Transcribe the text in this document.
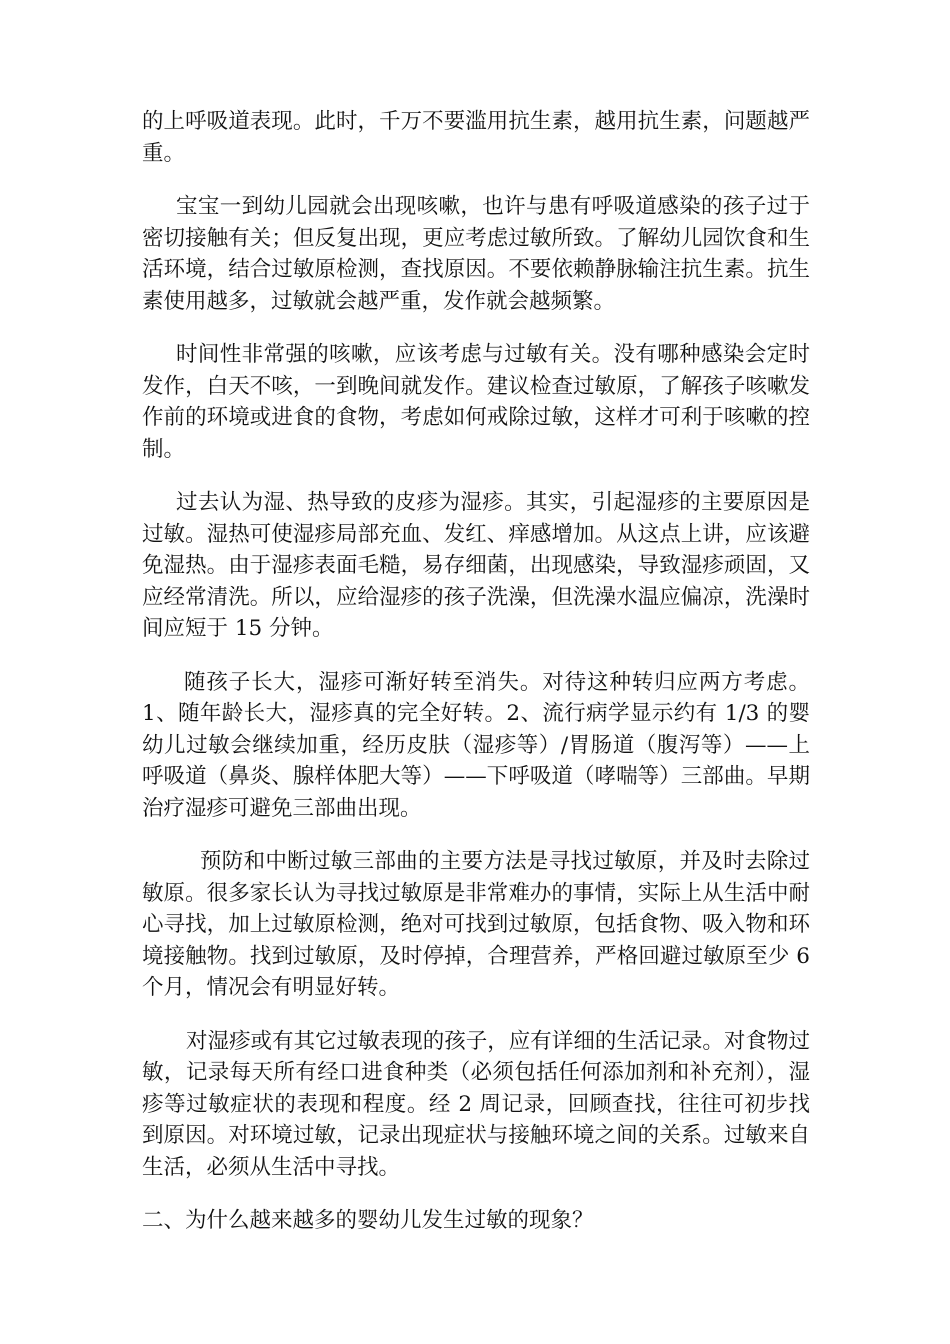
的上呼吸道表现。此时，千万不要滥用抗生素，越用抗生素，问题越严重。

宝宝一到幼儿园就会出现咳嗽，也许与患有呼吸道感染的孩子过于密切接触有关；但反复出现，更应考虑过敏所致。了解幼儿园饮食和生活环境，结合过敏原检测，查找原因。不要依赖静脉输注抗生素。抗生素使用越多，过敏就会越严重，发作就会越频繁。

时间性非常强的咳嗽，应该考虑与过敏有关。没有哪种感染会定时发作，白天不咳，一到晚间就发作。建议检查过敏原，了解孩子咳嗽发作前的环境或进食的食物，考虑如何戒除过敏，这样才可利于咳嗽的控制。

过去认为湿、热导致的皮疹为湿疹。其实，引起湿疹的主要原因是过敏。湿热可使湿疹局部充血、发红、痒感增加。从这点上讲，应该避免湿热。由于湿疹表面毛糙，易存细菌，出现感染，导致湿疹顽固，又应经常清洗。所以，应给湿疹的孩子洗澡，但洗澡水温应偏凉，洗澡时间应短于 15 分钟。

随孩子长大，湿疹可渐好转至消失。对待这种转归应两方考虑。1、随年龄长大，湿疹真的完全好转。2、流行病学显示约有 1/3 的婴幼儿过敏会继续加重，经历皮肤（湿疹等）/胃肠道（腹泻等）——上呼吸道（鼻炎、腺样体肥大等）——下呼吸道（哮喘等）三部曲。早期治疗湿疹可避免三部曲出现。

预防和中断过敏三部曲的主要方法是寻找过敏原，并及时去除过敏原。很多家长认为寻找过敏原是非常难办的事情，实际上从生活中耐心寻找，加上过敏原检测，绝对可找到过敏原，包括食物、吸入物和环境接触物。找到过敏原，及时停掉，合理营养，严格回避过敏原至少 6 个月，情况会有明显好转。

对湿疹或有其它过敏表现的孩子，应有详细的生活记录。对食物过敏，记录每天所有经口进食种类（必须包括任何添加剂和补充剂），湿疹等过敏症状的表现和程度。经 2 周记录，回顾查找，往往可初步找到原因。对环境过敏，记录出现症状与接触环境之间的关系。过敏来自生活，必须从生活中寻找。

二、为什么越来越多的婴幼儿发生过敏的现象？
